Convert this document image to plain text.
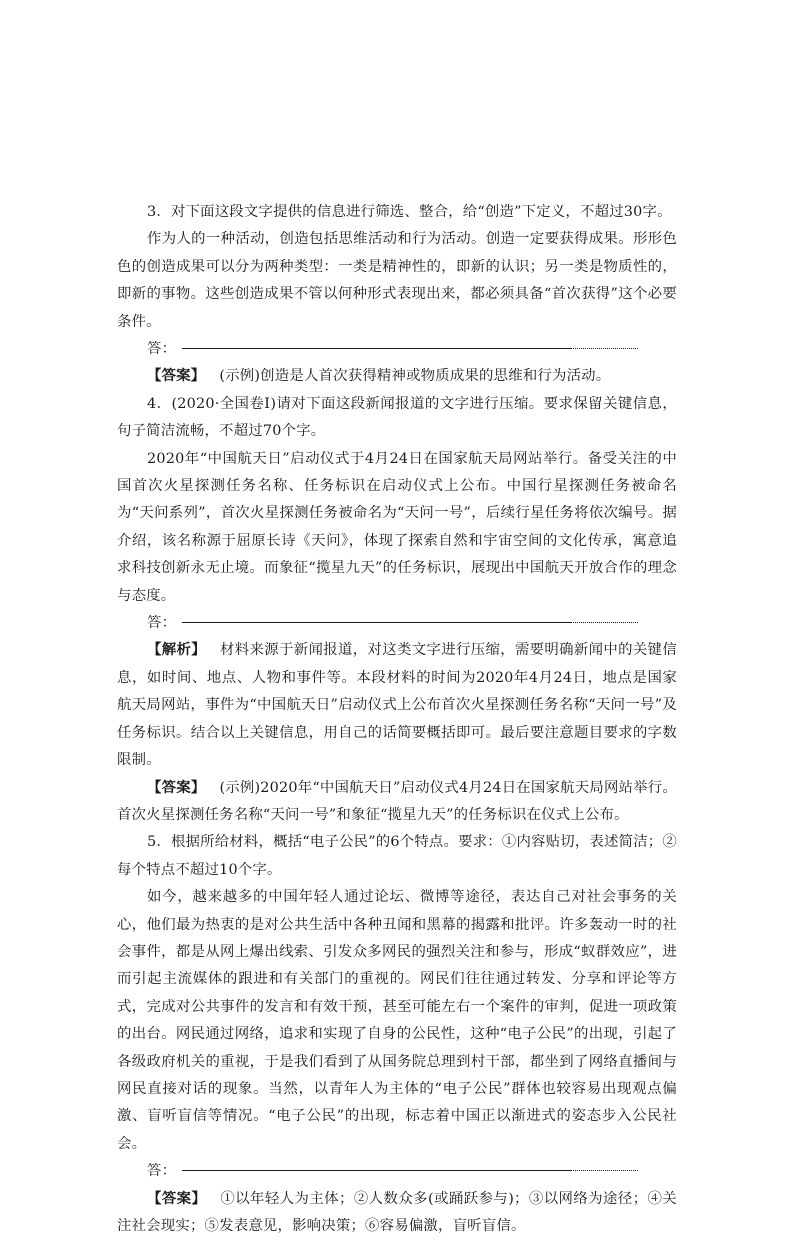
3．对下面这段文字提供的信息进行筛选、整合，给“创造”下定义，不超过30字。

作为人的一种活动，创造包括思维活动和行为活动。创造一定要获得成果。形形色色的创造成果可以分为两种类型：一类是精神性的，即新的认识；另一类是物质性的，即新的事物。这些创造成果不管以何种形式表现出来，都必须具备“首次获得”这个必要条件。

答：

【答案】 (示例)创造是人首次获得精神或物质成果的思维和行为活动。

4．(2020·全国卷Ⅰ)请对下面这段新闻报道的文字进行压缩。要求保留关键信息，句子简洁流畅，不超过70个字。

2020年“中国航天日”启动仪式于4月24日在国家航天局网站举行。备受关注的中国首次火星探测任务名称、任务标识在启动仪式上公布。中国行星探测任务被命名为“天问系列”，首次火星探测任务被命名为“天问一号”，后续行星任务将依次编号。据介绍，该名称源于屈原长诗《天问》，体现了探索自然和宇宙空间的文化传承，寓意追求科技创新永无止境。而象征“揽星九天”的任务标识，展现出中国航天开放合作的理念与态度。

答：

【解析】 材料来源于新闻报道，对这类文字进行压缩，需要明确新闻中的关键信息，如时间、地点、人物和事件等。本段材料的时间为2020年4月24日，地点是国家航天局网站，事件为“中国航天日”启动仪式上公布首次火星探测任务名称“天问一号”及任务标识。结合以上关键信息，用自己的话简要概括即可。最后要注意题目要求的字数限制。

【答案】 (示例)2020年“中国航天日”启动仪式4月24日在国家航天局网站举行。首次火星探测任务名称“天问一号”和象征“揽星九天”的任务标识在仪式上公布。

5．根据所给材料，概括“电子公民”的6个特点。要求：①内容贴切，表述简洁；②每个特点不超过10个字。

如今，越来越多的中国年轻人通过论坛、微博等途径，表达自己对社会事务的关心，他们最为热衷的是对公共生活中各种丑闻和黑幕的揭露和批评。许多轰动一时的社会事件，都是从网上爆出线索、引发众多网民的强烈关注和参与，形成“蚁群效应”，进而引起主流媒体的跟进和有关部门的重视的。网民们往往通过转发、分享和评论等方式，完成对公共事件的发言和有效干预，甚至可能左右一个案件的审判，促进一项政策的出台。网民通过网络，追求和实现了自身的公民性，这种“电子公民”的出现，引起了各级政府机关的重视，于是我们看到了从国务院总理到村干部，都坐到了网络直播间与网民直接对话的现象。当然，以青年人为主体的“电子公民”群体也较容易出现观点偏激、盲听盲信等情况。“电子公民”的出现，标志着中国正以渐进式的姿态步入公民社会。

答：

【答案】 ①以年轻人为主体；②人数众多(或踊跃参与)；③以网络为途径；④关注社会现实；⑤发表意见，影响决策；⑥容易偏激，盲听盲信。
